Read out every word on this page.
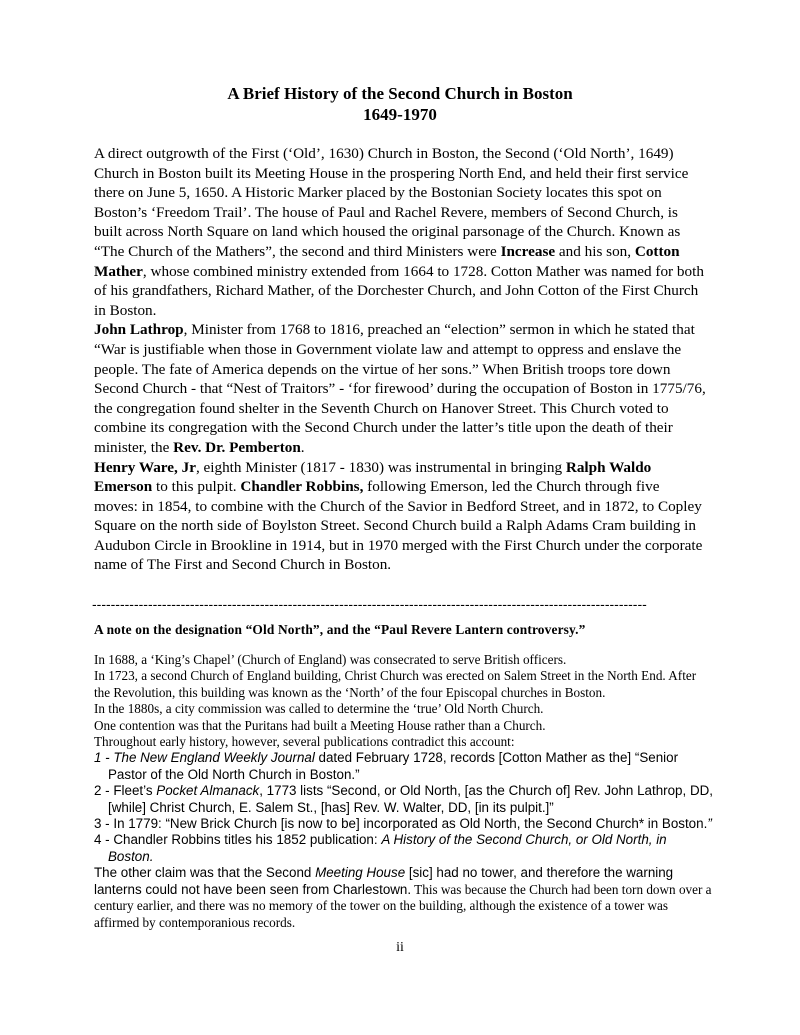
A Brief History of the Second Church in Boston
1649-1970

A direct outgrowth of the First (‘Old’, 1630) Church in Boston, the Second (‘Old North’, 1649) Church in Boston built its Meeting House in the prospering North End, and held their first service there on June 5, 1650. A Historic Marker placed by the Bostonian Society locates this spot on Boston’s ‘Freedom Trail’. The house of Paul and Rachel Revere, members of Second Church, is built across North Square on land which housed the original parsonage of the Church. Known as “The Church of the Mathers”, the second and third Ministers were Increase and his son, Cotton Mather, whose combined ministry extended from 1664 to 1728. Cotton Mather was named for both of his grandfathers, Richard Mather, of the Dorchester Church, and John Cotton of the First Church in Boston.

John Lathrop, Minister from 1768 to 1816, preached an “election” sermon in which he stated that “War is justifiable when those in Government violate law and attempt to oppress and enslave the people. The fate of America depends on the virtue of her sons.” When British troops tore down Second Church - that “Nest of Traitors” - ‘for firewood’ during the occupation of Boston in 1775/76, the congregation found shelter in the Seventh Church on Hanover Street. This Church voted to combine its congregation with the Second Church under the latter’s title upon the death of their minister, the Rev. Dr. Pemberton.

Henry Ware, Jr, eighth Minister (1817 - 1830) was instrumental in bringing Ralph Waldo Emerson to this pulpit. Chandler Robbins, following Emerson, led the Church through five moves: in 1854, to combine with the Church of the Savior in Bedford Street, and in 1872, to Copley Square on the north side of Boylston Street. Second Church build a Ralph Adams Cram building in Audubon Circle in Brookline in 1914, but in 1970 merged with the First Church under the corporate name of The First and Second Church in Boston.

-----------------------------------------------------------------------------------------------------------------------
A note on the designation “Old North”, and the “Paul Revere Lantern controversy.”

In 1688, a ‘King’s Chapel’ (Church of England) was consecrated to serve British officers.

In 1723, a second Church of England building, Christ Church was erected on Salem Street in the North End. After the Revolution, this building was known as the ‘North’ of the four Episcopal churches in Boston.

In the 1880s, a city commission was called to determine the ‘true’ Old North Church.

One contention was that the Puritans had built a Meeting House rather than a Church.

Throughout early history, however, several publications contradict this account:

1 - The New England Weekly Journal dated February 1728, records [Cotton Mather as the] “Senior Pastor of the Old North Church in Boston.”

2 - Fleet’s Pocket Almanack, 1773 lists “Second, or Old North, [as the Church of] Rev. John Lathrop, DD, [while] Christ Church, E. Salem St., [has] Rev. W. Walter, DD, [in its pulpit.]”

3 - In 1779: “New Brick Church [is now to be] incorporated as Old North, the Second Church* in Boston.”

4 - Chandler Robbins titles his 1852 publication: A History of the Second Church, or Old North, in Boston.

The other claim was that the Second Meeting House [sic] had no tower, and therefore the warning lanterns could not have been seen from Charlestown. This was because the Church had been torn down over a century earlier, and there was no memory of the tower on the building, although the existence of a tower was affirmed by contemporanious records.

ii
